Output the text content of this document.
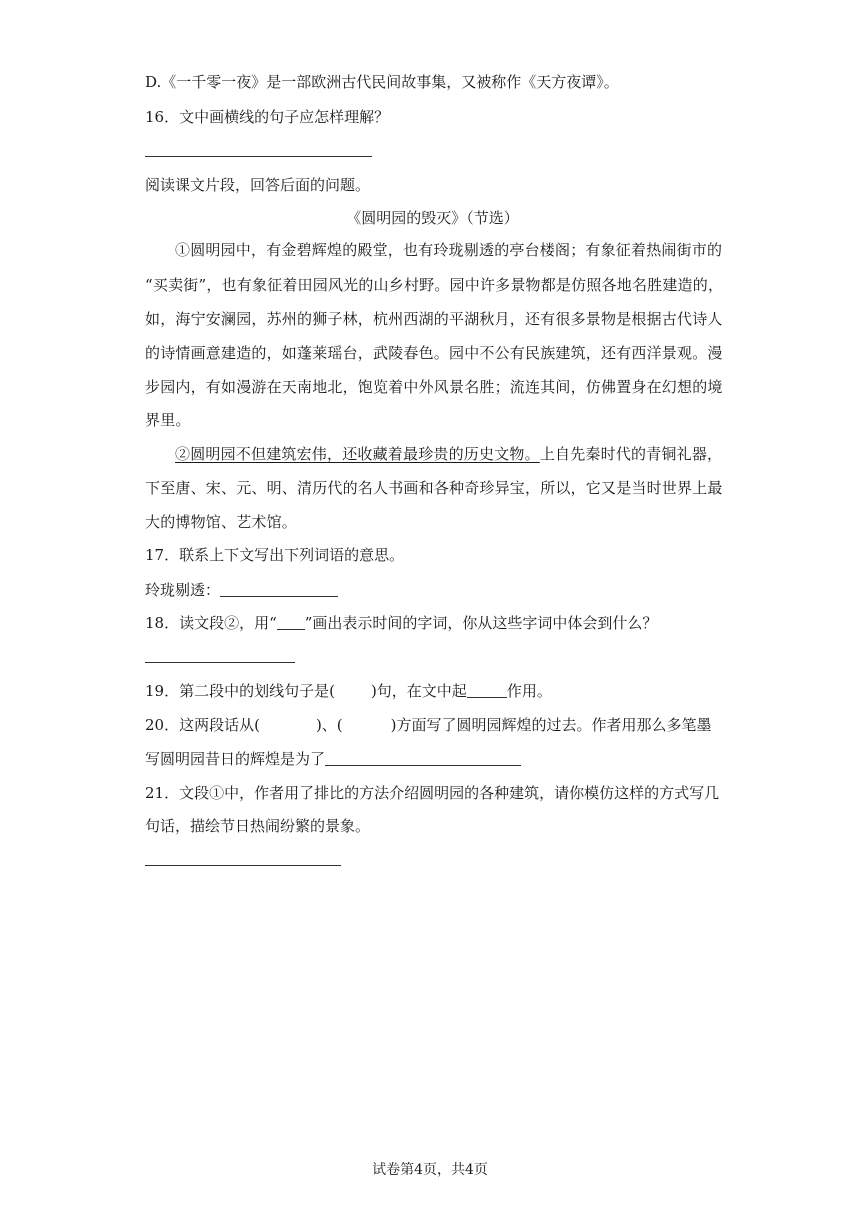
D.《一千零一夜》是一部欧洲古代民间故事集，又被称作《天方夜谭》。
16．文中画横线的句子应怎样理解？
阅读课文片段，回答后面的问题。
《圆明园的毁灭》（节选）
①圆明园中，有金碧辉煌的殿堂，也有玲珑剔透的亭台楼阁；有象征着热闹街市的
“买卖街”，也有象征着田园风光的山乡村野。园中许多景物都是仿照各地名胜建造的，
如，海宁安澜园，苏州的狮子林，杭州西湖的平湖秋月，还有很多景物是根据古代诗人
的诗情画意建造的，如蓬莱瑶台，武陵春色。园中不公有民族建筑，还有西洋景观。漫
步园内，有如漫游在天南地北，饱览着中外风景名胜；流连其间，仿佛置身在幻想的境
界里。
②圆明园不但建筑宏伟，还收藏着最珍贵的历史文物。上自先秦时代的青铜礼器，
下至唐、宋、元、明、清历代的名人书画和各种奇珍异宝，所以，它又是当时世界上最
大的博物馆、艺术馆。
17．联系上下文写出下列词语的意思。
玲珑剔透：
18．读文段②，用“ ”画出表示时间的字词，你从这些字词中体会到什么？
19．第二段中的划线句子是( )句，在文中起	作用。
20．这两段话从(	)、(	)方面写了圆明园辉煌的过去。作者用那么多笔墨
写圆明园昔日的辉煌是为了
21．文段①中，作者用了排比的方法介绍圆明园的各种建筑，请你模仿这样的方式写几
句话，描绘节日热闹纷繁的景象。
试卷第4页，共4页
